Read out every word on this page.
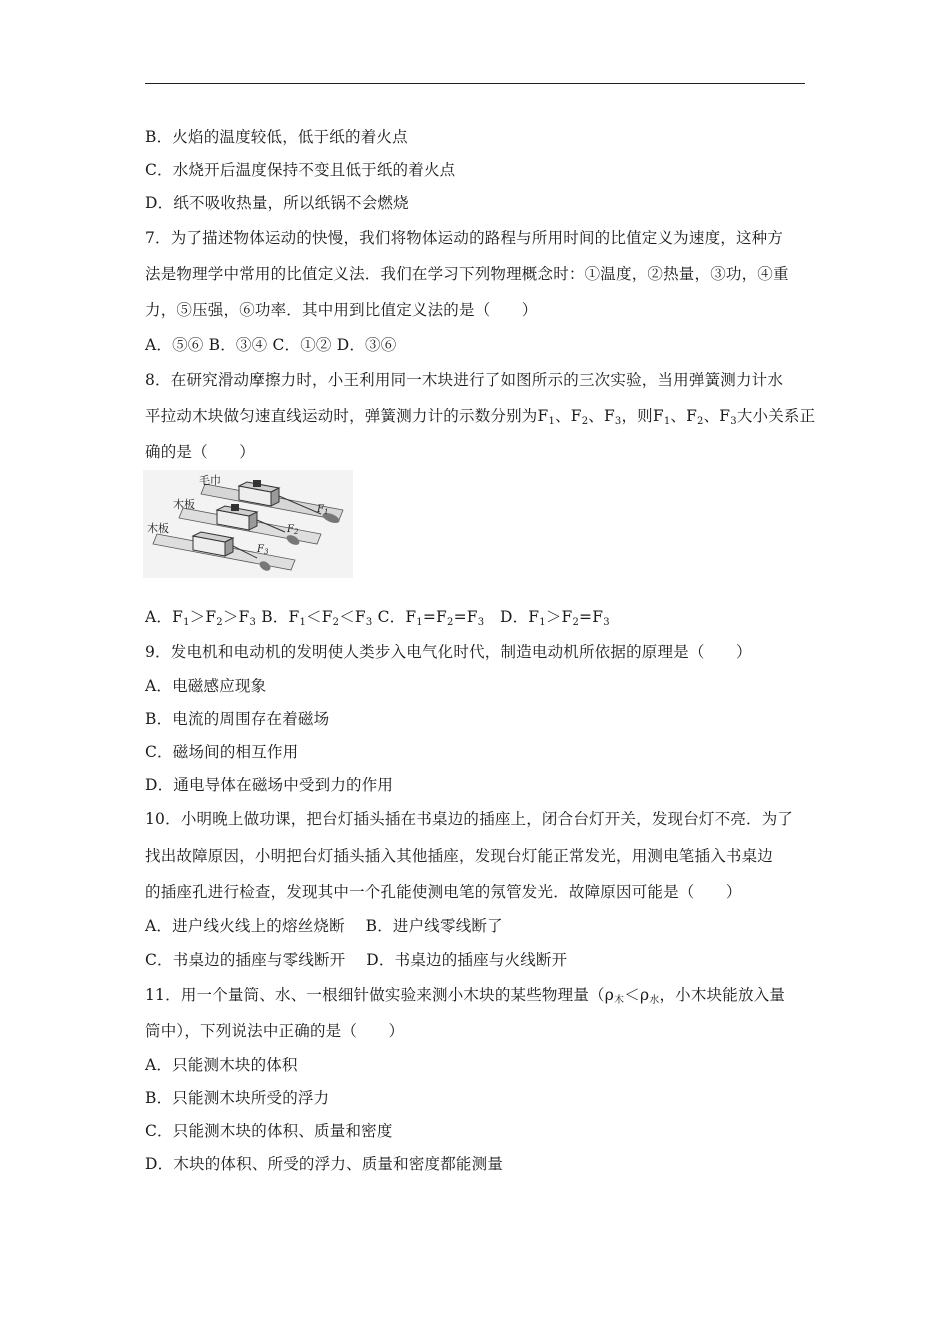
B．火焰的温度较低，低于纸的着火点
C．水烧开后温度保持不变且低于纸的着火点
D．纸不吸收热量，所以纸锅不会燃烧
7．为了描述物体运动的快慢，我们将物体运动的路程与所用时间的比值定义为速度，这种方
法是物理学中常用的比值定义法．我们在学习下列物理概念时：①温度，②热量，③功，④重
力，⑤压强，⑥功率．其中用到比值定义法的是（　　）
A．⑤⑥ B．③④ C．①② D．③⑥
8．在研究滑动摩擦力时，小王利用同一木块进行了如图所示的三次实验，当用弹簧测力计水
平拉动木块做匀速直线运动时，弹簧测力计的示数分别为$F_1$、$F_2$、$F_3$，则$F_1$、$F_2$、$F_3$大小关系正
确的是（　　）
毛巾
木板
木板
$F_1$
$F_2$
$F_3$
A．$F_1>F_2>F_3$ B．$F_1<F_2<F_3$ C．$F_1=F_2=F_3$　D．$F_1>F_2=F_3$
9．发电机和电动机的发明使人类步入电气化时代，制造电动机所依据的原理是（　　）
A．电磁感应现象
B．电流的周围存在着磁场
C．磁场间的相互作用
D．通电导体在磁场中受到力的作用
10．小明晚上做功课，把台灯插头插在书桌边的插座上，闭合台灯开关，发现台灯不亮．为了
找出故障原因，小明把台灯插头插入其他插座，发现台灯能正常发光，用测电笔插入书桌边
的插座孔进行检查，发现其中一个孔能使测电笔的氖管发光．故障原因可能是（　　）
A．进户线火线上的熔丝烧断　 B．进户线零线断了
C．书桌边的插座与零线断开　 D．书桌边的插座与火线断开
11．用一个量筒、水、一根细针做实验来测小木块的某些物理量（$\rho_木<\rho_水$，小木块能放入量
筒中），下列说法中正确的是（　　）
A．只能测木块的体积
B．只能测木块所受的浮力
C．只能测木块的体积、质量和密度
D．木块的体积、所受的浮力、质量和密度都能测量
